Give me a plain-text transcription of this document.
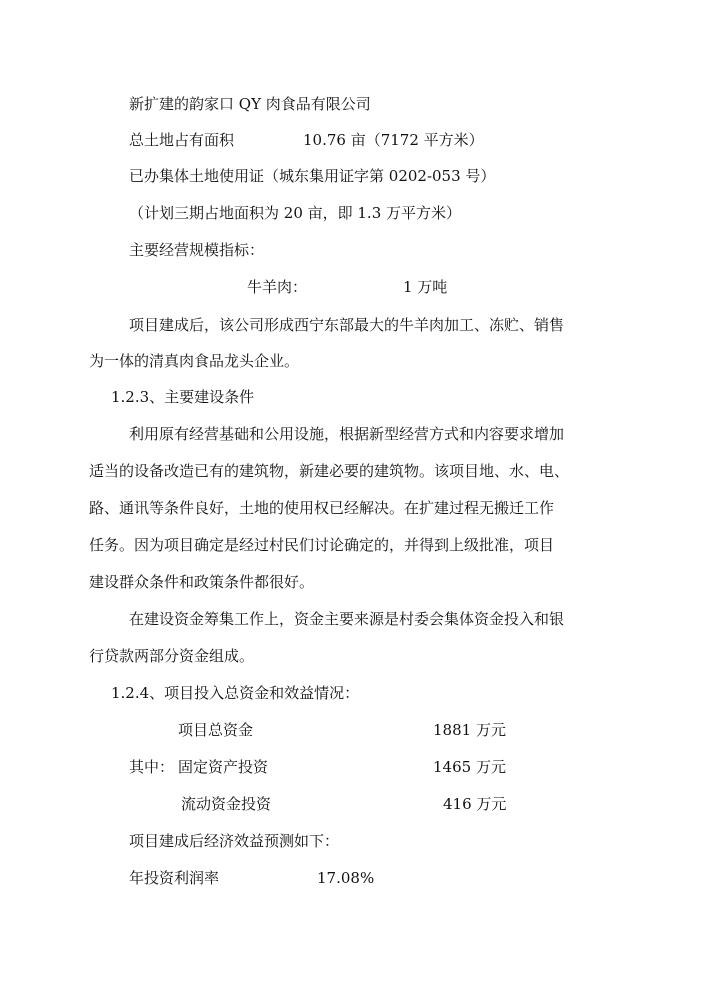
新扩建的韵家口 QY 肉食品有限公司
总土地占有面积	10.76 亩（7172 平方米）
已办集体土地使用证（城东集用证字第 0202-053 号）
（计划三期占地面积为 20 亩，即 1.3 万平方米）
主要经营规模指标：
牛羊肉：	1 万吨
项目建成后，该公司形成西宁东部最大的牛羊肉加工、冻贮、销售
为一体的清真肉食品龙头企业。
1.2.3、主要建设条件
利用原有经营基础和公用设施，根据新型经营方式和内容要求增加
适当的设备改造已有的建筑物，新建必要的建筑物。该项目地、水、电、
路、通讯等条件良好，土地的使用权已经解决。在扩建过程无搬迁工作
任务。因为项目确定是经过村民们讨论确定的，并得到上级批准，项目
建设群众条件和政策条件都很好。
在建设资金筹集工作上，资金主要来源是村委会集体资金投入和银
行贷款两部分资金组成。
1.2.4、项目投入总资金和效益情况：
项目总资金	1881 万元
其中： 固定资产投资	1465 万元
流动资金投资	416 万元
项目建成后经济效益预测如下：
年投资利润率	17.08%
